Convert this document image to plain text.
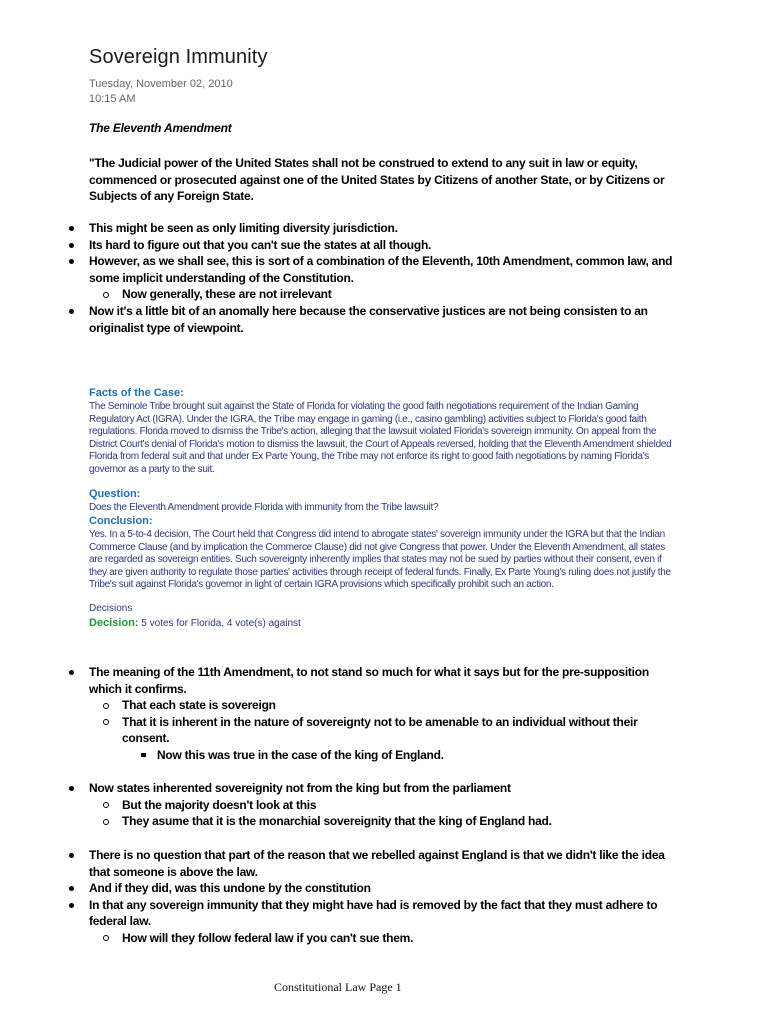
Sovereign Immunity
Tuesday, November 02, 2010
10:15 AM
The Eleventh Amendment
"The Judicial power of the United States shall not be construed to extend to any suit in law or equity, commenced or prosecuted against one of the United States by Citizens of another State, or by Citizens or Subjects of any Foreign State.
This might be seen as only limiting diversity jurisdiction.
Its hard to figure out that you can't sue the states at all though.
However, as we shall see, this is sort of a combination of the Eleventh, 10th Amendment, common law, and some implicit understanding of the Constitution.
Now generally, these are not irrelevant
Now it's a little bit of an anomally here because the conservative justices are not being consisten to an originalist type of viewpoint.
Facts of the Case:
The Seminole Tribe brought suit against the State of Florida for violating the good faith negotiations requirement of the Indian Gaming Regulatory Act (IGRA). Under the IGRA, the Tribe may engage in gaming (i.e., casino gambling) activities subject to Florida's good faith regulations. Florida moved to dismiss the Tribe's action, alleging that the lawsuit violated Florida's sovereign immunity. On appeal from the District Court's denial of Florida's motion to dismiss the lawsuit, the Court of Appeals reversed, holding that the Eleventh Amendment shielded Florida from federal suit and that under Ex Parte Young, the Tribe may not enforce its right to good faith negotiations by naming Florida's governor as a party to the suit.
Question:
Does the Eleventh Amendment provide Florida with immunity from the Tribe lawsuit?
Conclusion:
Yes. In a 5-to-4 decision, The Court held that Congress did intend to abrogate states' sovereign immunity under the IGRA but that the Indian Commerce Clause (and by implication the Commerce Clause) did not give Congress that power. Under the Eleventh Amendment, all states are regarded as sovereign entities. Such sovereignty inherently implies that states may not be sued by parties without their consent, even if they are given authority to regulate those parties' activities through receipt of federal funds. Finally, Ex Parte Young's ruling does not justify the Tribe's suit against Florida's governor in light of certain IGRA provisions which specifically prohibit such an action.
Decisions
Decision: 5 votes for Florida, 4 vote(s) against
The meaning of the 11th Amendment, to not stand so much for what it says but for the pre-supposition which it confirms.
That each state is sovereign
That it is inherent in the nature of sovereignty not to be amenable to an individual without their consent.
Now this was true in the case of the king of England.
Now states inherented sovereignity not from the king but from the parliament
But the majority doesn't look at this
They asume that it is the monarchial sovereignity that the king of England had.
There is no question that part of the reason that we rebelled against England is that we didn't like the idea that someone is above the law.
And if they did, was this undone by the constitution
In that any sovereign immunity that they might have had is removed by the fact that they must adhere to federal law.
How will they follow federal law if you can't sue them.
Constitutional Law Page 1
